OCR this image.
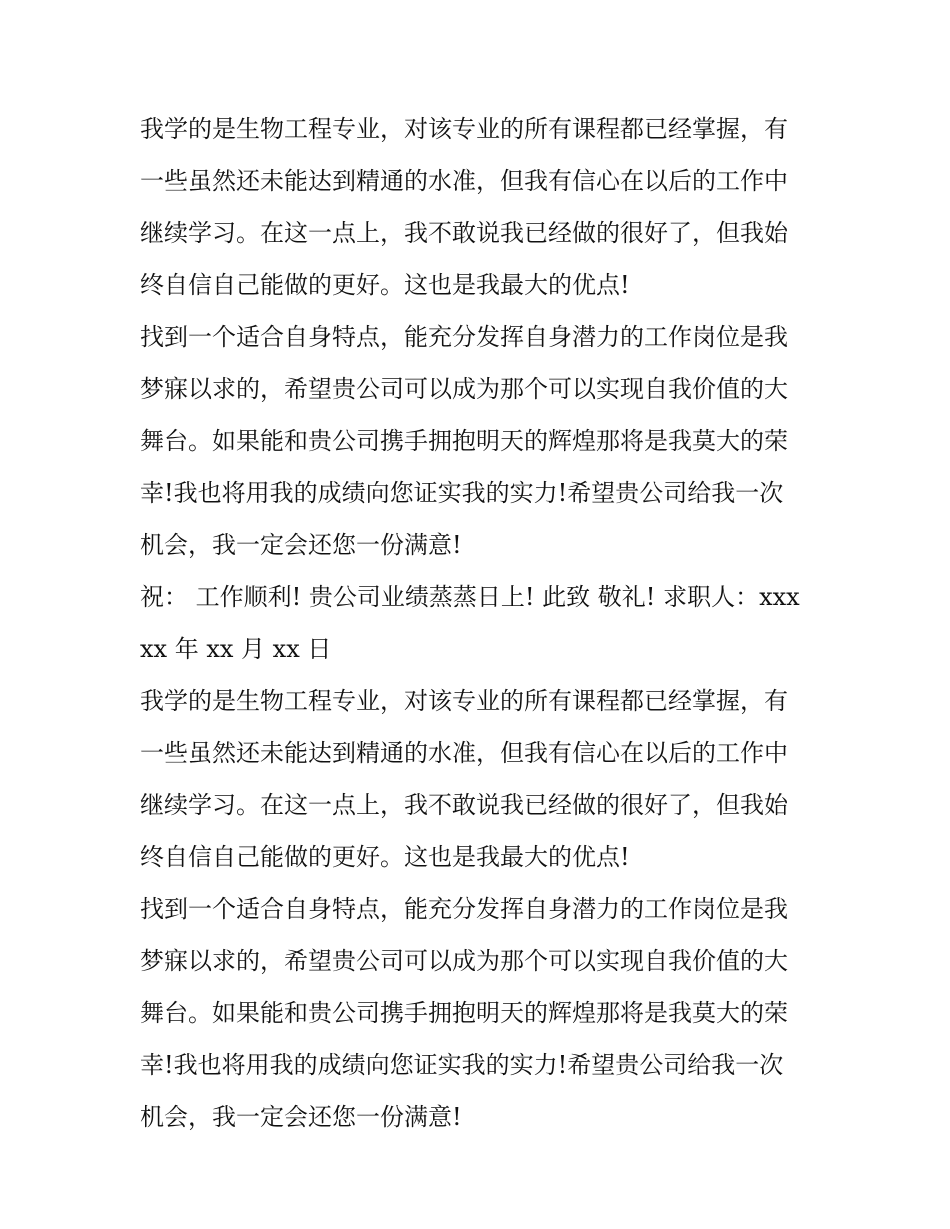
我学的是生物工程专业，对该专业的所有课程都已经掌握，有
一些虽然还未能达到精通的水准，但我有信心在以后的工作中
继续学习。在这一点上，我不敢说我已经做的很好了，但我始
终自信自己能做的更好。这也是我最大的优点!

找到一个适合自身特点，能充分发挥自身潜力的工作岗位是我
梦寐以求的，希望贵公司可以成为那个可以实现自我价值的大
舞台。如果能和贵公司携手拥抱明天的辉煌那将是我莫大的荣
幸!我也将用我的成绩向您证实我的实力!希望贵公司给我一次
机会，我一定会还您一份满意!

祝： 工作顺利! 贵公司业绩蒸蒸日上! 此致 敬礼! 求职人：xxx
xx 年 xx 月 xx 日

我学的是生物工程专业，对该专业的所有课程都已经掌握，有
一些虽然还未能达到精通的水准，但我有信心在以后的工作中
继续学习。在这一点上，我不敢说我已经做的很好了，但我始
终自信自己能做的更好。这也是我最大的优点!

找到一个适合自身特点，能充分发挥自身潜力的工作岗位是我
梦寐以求的，希望贵公司可以成为那个可以实现自我价值的大
舞台。如果能和贵公司携手拥抱明天的辉煌那将是我莫大的荣
幸!我也将用我的成绩向您证实我的实力!希望贵公司给我一次
机会，我一定会还您一份满意!
